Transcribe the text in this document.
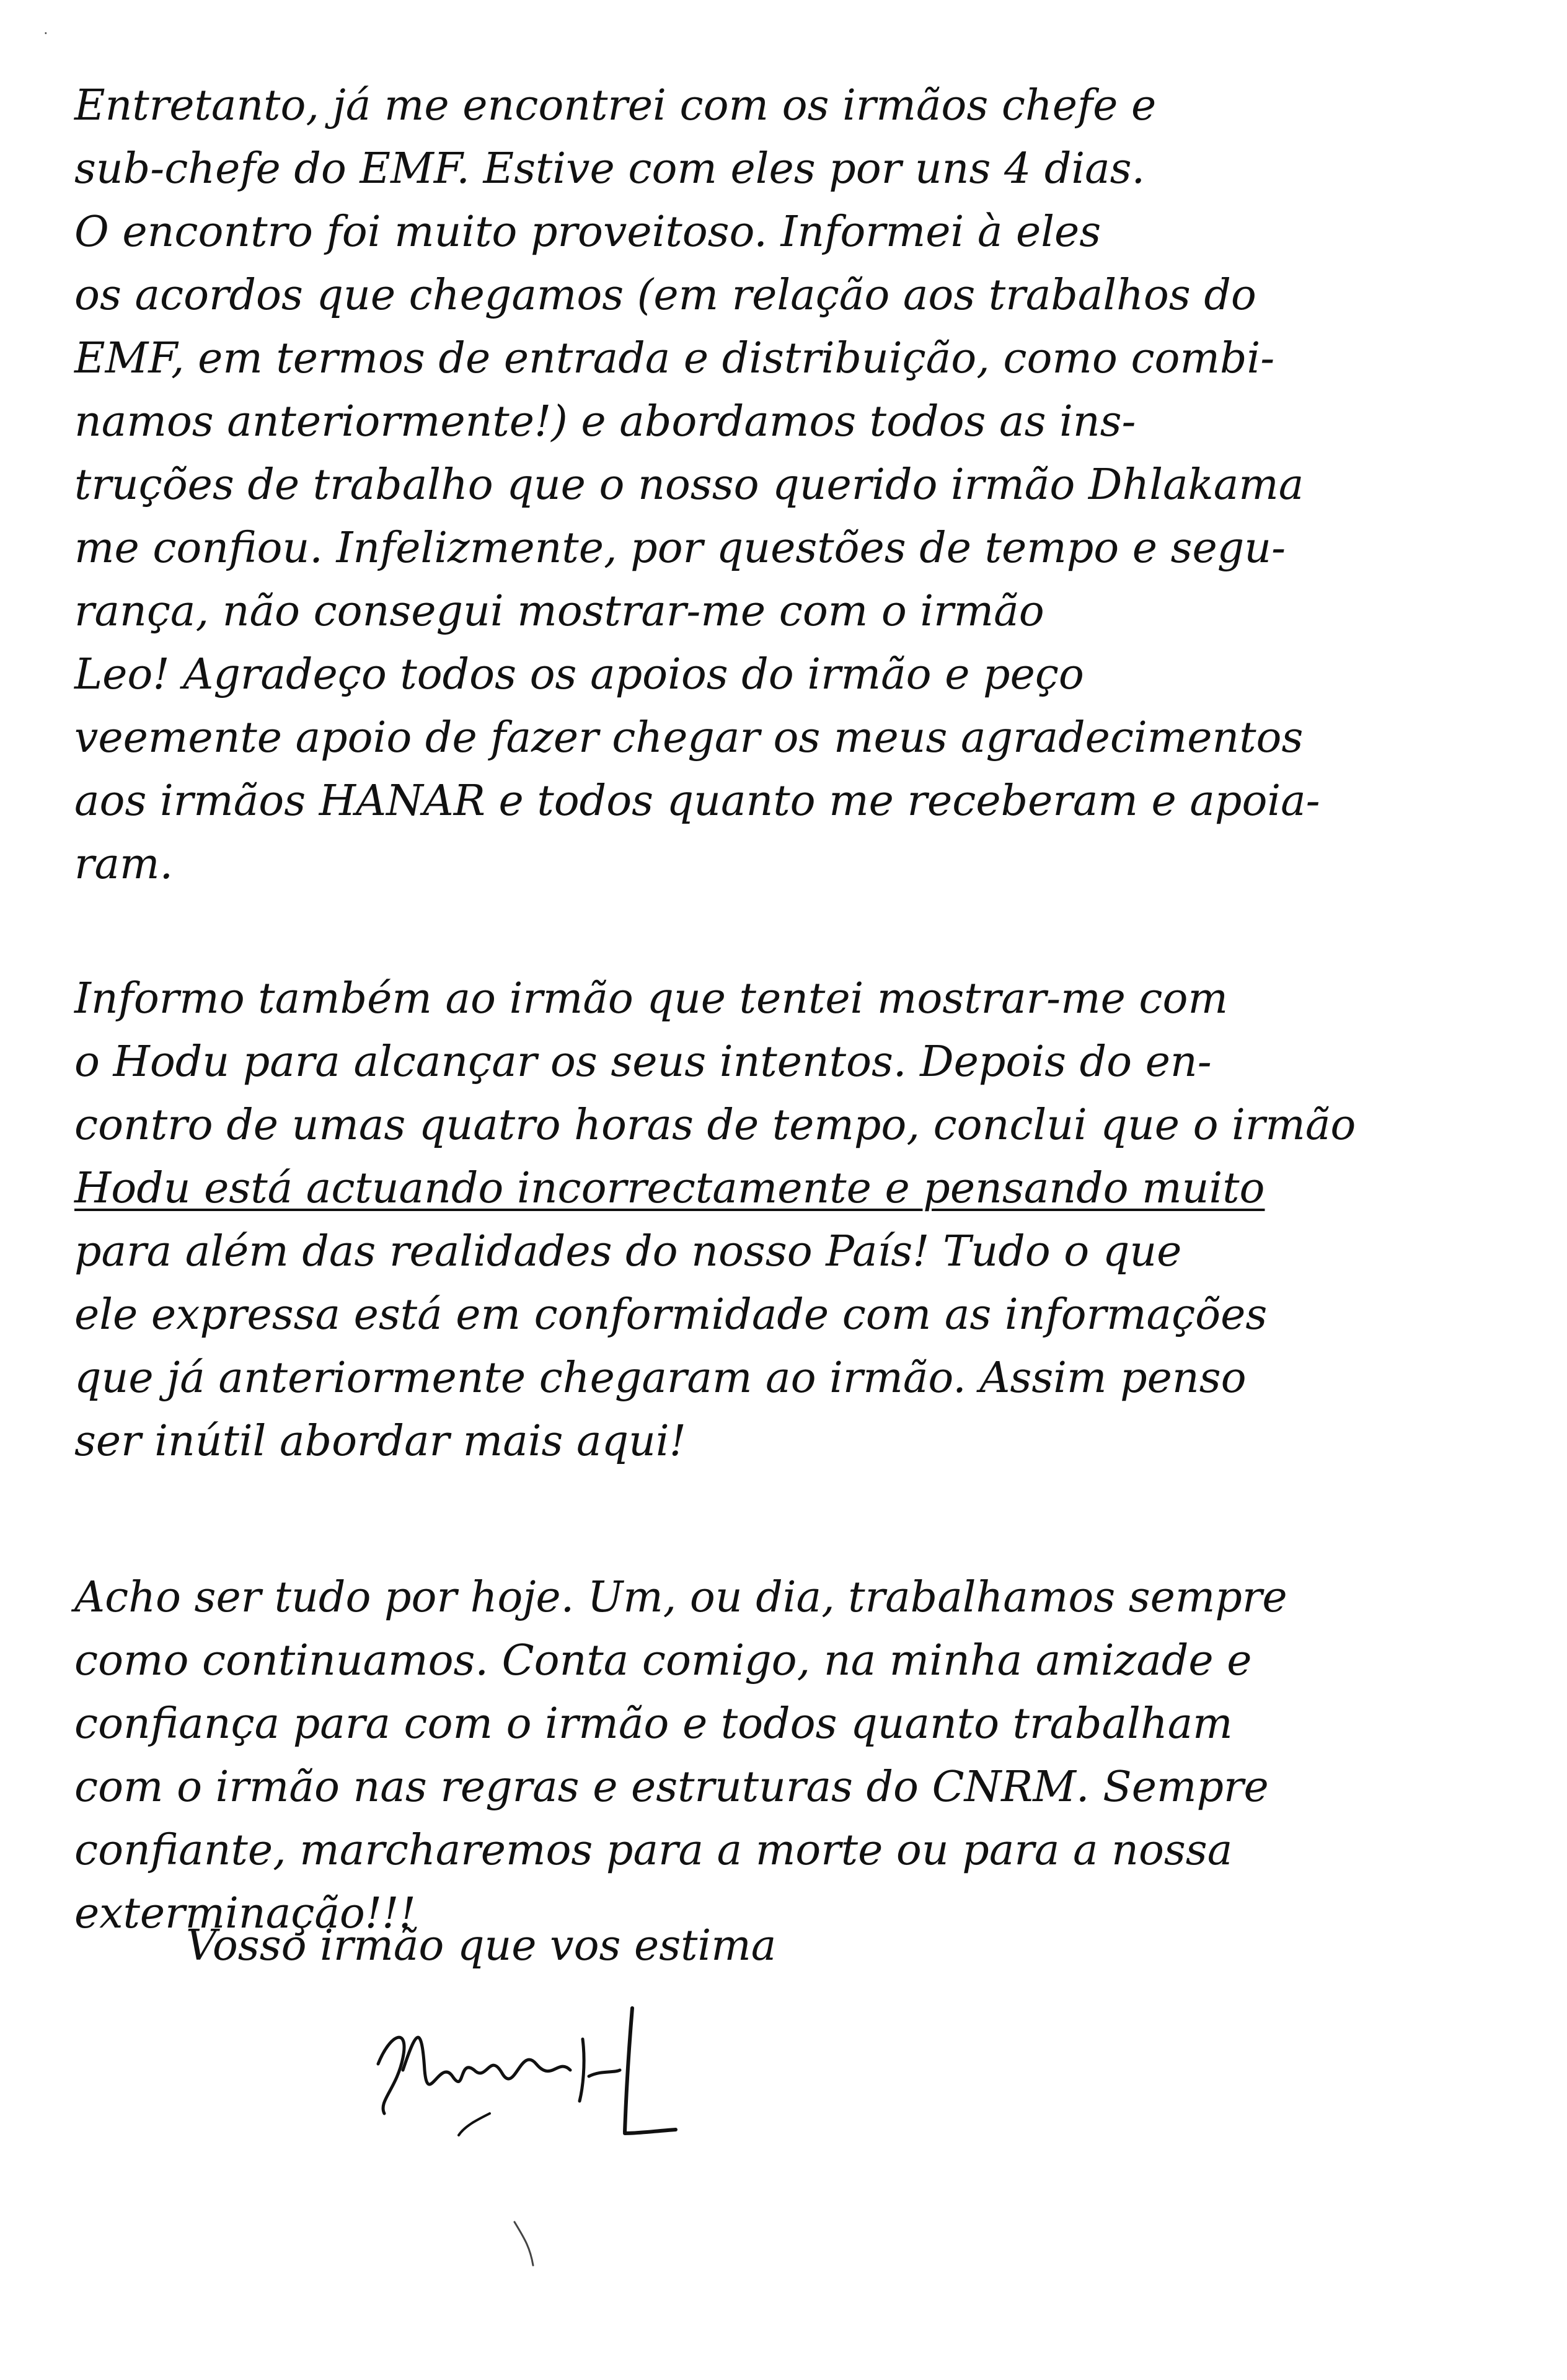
·
Entretanto, já me encontrei com os irmãos chefe e
sub-chefe do EMF. Estive com eles por uns 4 dias.
O encontro foi muito proveitoso. Informei à eles
os acordos que chegamos (em relação aos trabalhos do
EMF, em termos de entrada e distribuição, como combi-
namos anteriormente!) e abordamos todos as ins-
truções de trabalho que o nosso querido irmão Dhlakama
me confiou. Infelizmente, por questões de tempo e segu-
rança, não consegui mostrar-me com o irmão
Leo! Agradeço todos os apoios do irmão e peço
veemente apoio de fazer chegar os meus agradecimentos
aos irmãos HANAR e todos quanto me receberam e apoia-
ram.
Informo também ao irmão que tentei mostrar-me com
o Hodu para alcançar os seus intentos. Depois do en-
contro de umas quatro horas de tempo, conclui que o irmão
Hodu está actuando incorrectamente e pensando muito
para além das realidades do nosso País! Tudo o que
ele expressa está em conformidade com as informações
que já anteriormente chegaram ao irmão. Assim penso
ser inútil abordar mais aqui!
Acho ser tudo por hoje. Um, ou dia, trabalhamos sempre
como continuamos. Conta comigo, na minha amizade e
confiança para com o irmão e todos quanto trabalham
com o irmão nas regras e estruturas do CNRM. Sempre
confiante, marcharemos para a morte ou para a nossa
exterminação!!!
Vosso irmão que vos estima
